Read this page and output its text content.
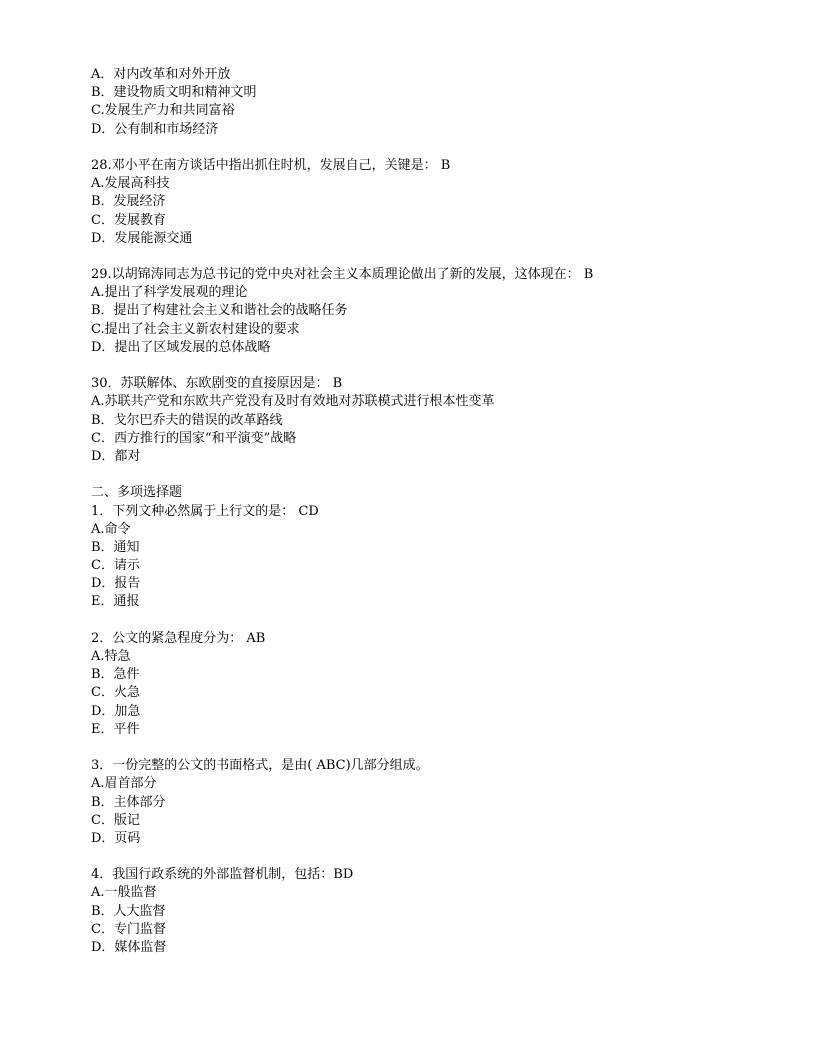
A．对内改革和对外开放
B．建设物质文明和精神文明
C.发展生产力和共同富裕
D．公有制和市场经济
28.邓小平在南方谈话中指出抓住时机，发展自己，关键是： B
A.发展高科技
B．发展经济
C．发展教育
D．发展能源交通
29.以胡锦涛同志为总书记的党中央对社会主义本质理论做出了新的发展，这体现在： B
A.提出了科学发展观的理论
B．提出了构建社会主义和谐社会的战略任务
C.提出了社会主义新农村建设的要求
D．提出了区域发展的总体战略
30．苏联解体、东欧剧变的直接原因是： B
A.苏联共产党和东欧共产党没有及时有效地对苏联模式进行根本性变革
B．戈尔巴乔夫的错误的改革路线
C．西方推行的国家“和平演变”战略
D．都对
二、多项选择题
1．下列文种必然属于上行文的是： CD
A.命令
B．通知
C．请示
D．报告
E．通报
2．公文的紧急程度分为： AB
A.特急
B．急件
C．火急
D．加急
E．平件
3．一份完整的公文的书面格式，是由( ABC)几部分组成。
A.眉首部分
B．主体部分
C．版记
D．页码
4．我国行政系统的外部监督机制，包括：BD
A.一般监督
B．人大监督
C．专门监督
D．媒体监督
